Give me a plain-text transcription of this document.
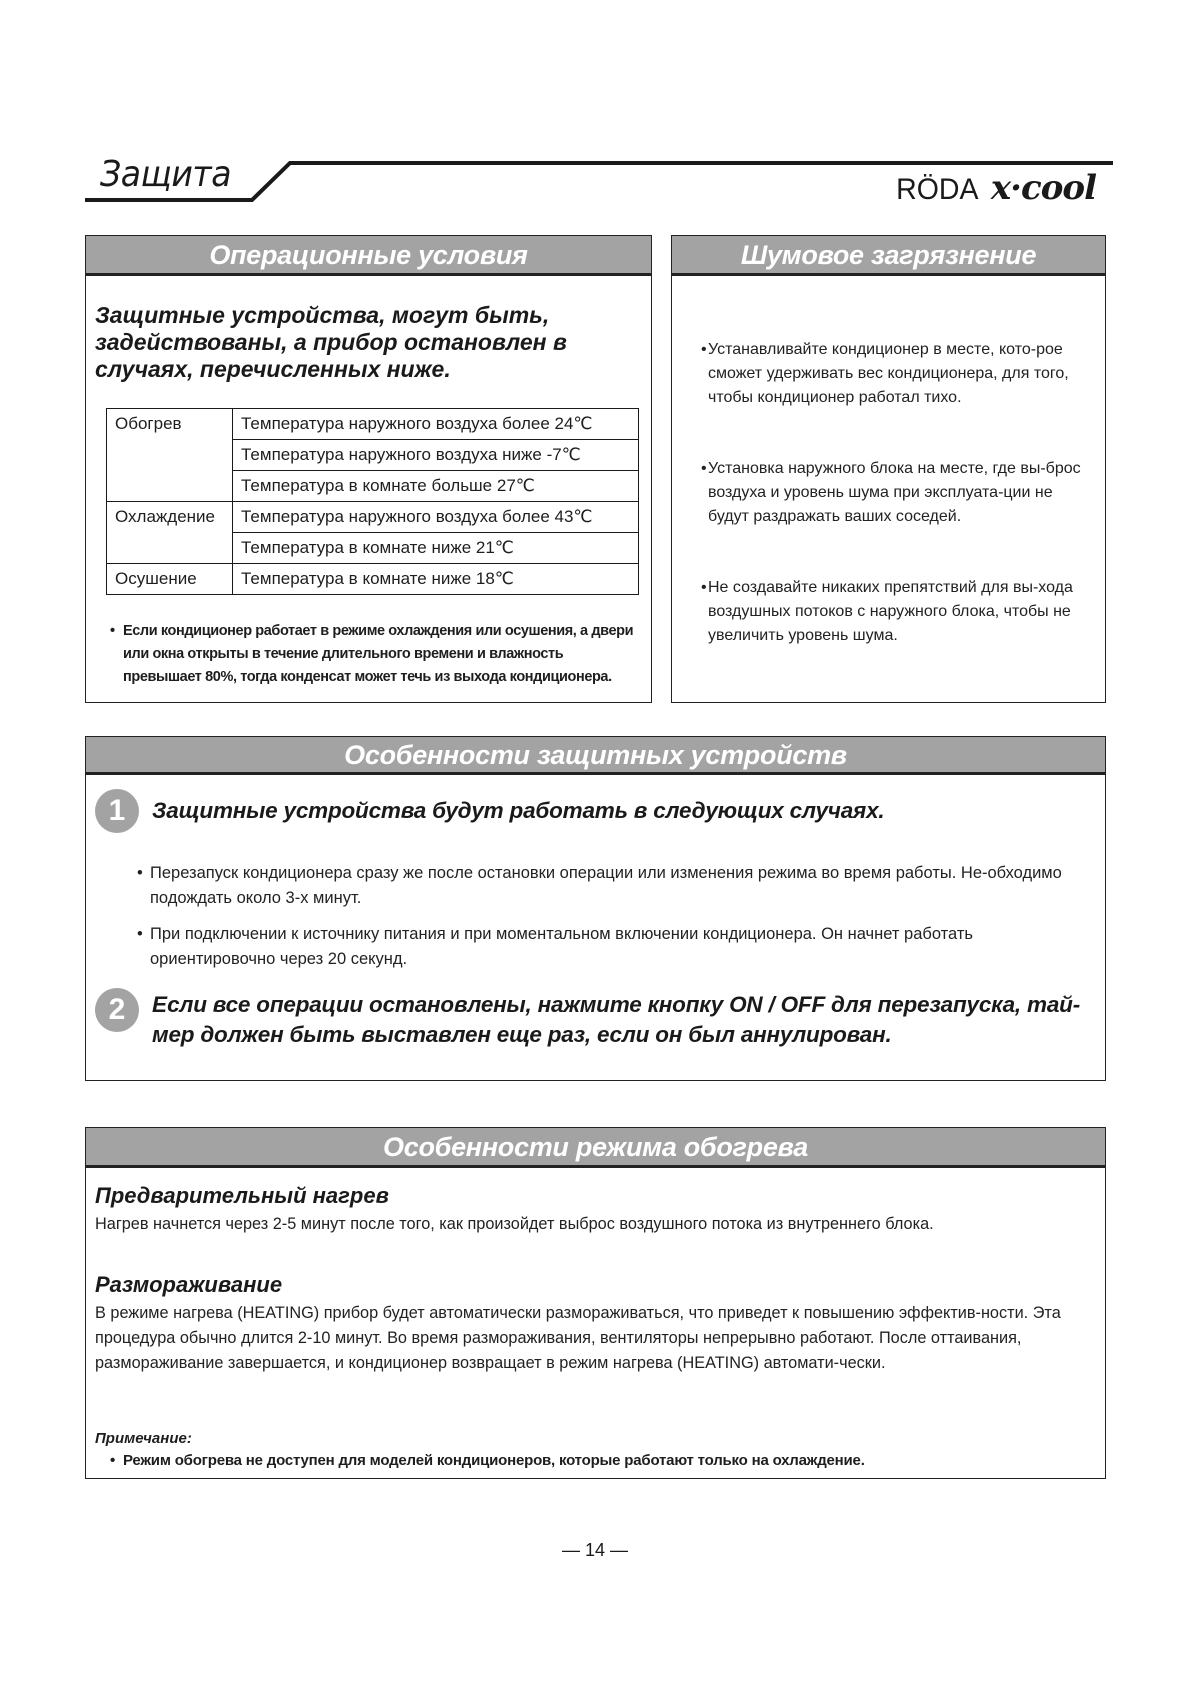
Защита	RÖDA x·cool
Операционные условия
Защитные устройства, могут быть, задействованы, а прибор остановлен в случаях, перечисленных ниже.
Обогрев	Температура наружного воздуха более 24℃
	Температура наружного воздуха ниже -7℃
	Температура в комнате больше 27℃
Охлаждение	Температура наружного воздуха более 43℃
	Температура в комнате ниже 21℃
Осушение	Температура в комнате ниже 18℃
• Если кондиционер работает в режиме охлаждения или осушения, а двери или окна открыты в течение длительного времени и влажность превышает 80%, тогда конденсат может течь из выхода кондиционера.
Шумовое загрязнение
• Устанавливайте кондиционер в месте, кото-рое сможет удерживать вес кондиционера, для того, чтобы кондиционер работал тихо.
• Установка наружного блока на месте, где вы-брос воздуха и уровень шума при эксплуата-ции не будут раздражать ваших соседей.
• Не создавайте никаких препятствий для вы-хода воздушных потоков с наружного блока, чтобы не увеличить уровень шума.
Особенности защитных устройств
1	Защитные устройства будут работать в следующих случаях.
• Перезапуск кондиционера сразу же после остановки операции или изменения режима во время работы. Не-обходимо подождать около 3-х минут.
• При подключении к источнику питания и при моментальном включении кондиционера. Он начнет работать ориентировочно через 20 секунд.
2	Если все операции остановлены, нажмите кнопку ON / OFF для перезапуска, тай-мер должен быть выставлен еще раз, если он был аннулирован.
Особенности режима обогрева
Предварительный нагрев
Нагрев начнется через 2-5 минут после того, как произойдет выброс воздушного потока из внутреннего блока.
Размораживание
В режиме нагрева (HEATING) прибор будет автоматически размораживаться, что приведет к повышению эффектив-ности. Эта процедура обычно длится 2-10 минут. Во время размораживания, вентиляторы непрерывно работают. После оттаивания, размораживание завершается, и кондиционер возвращает в режим нагрева (HEATING) автомати-чески.
Примечание:
• Режим обогрева не доступен для моделей кондиционеров, которые работают только на охлаждение.
— 14 —
